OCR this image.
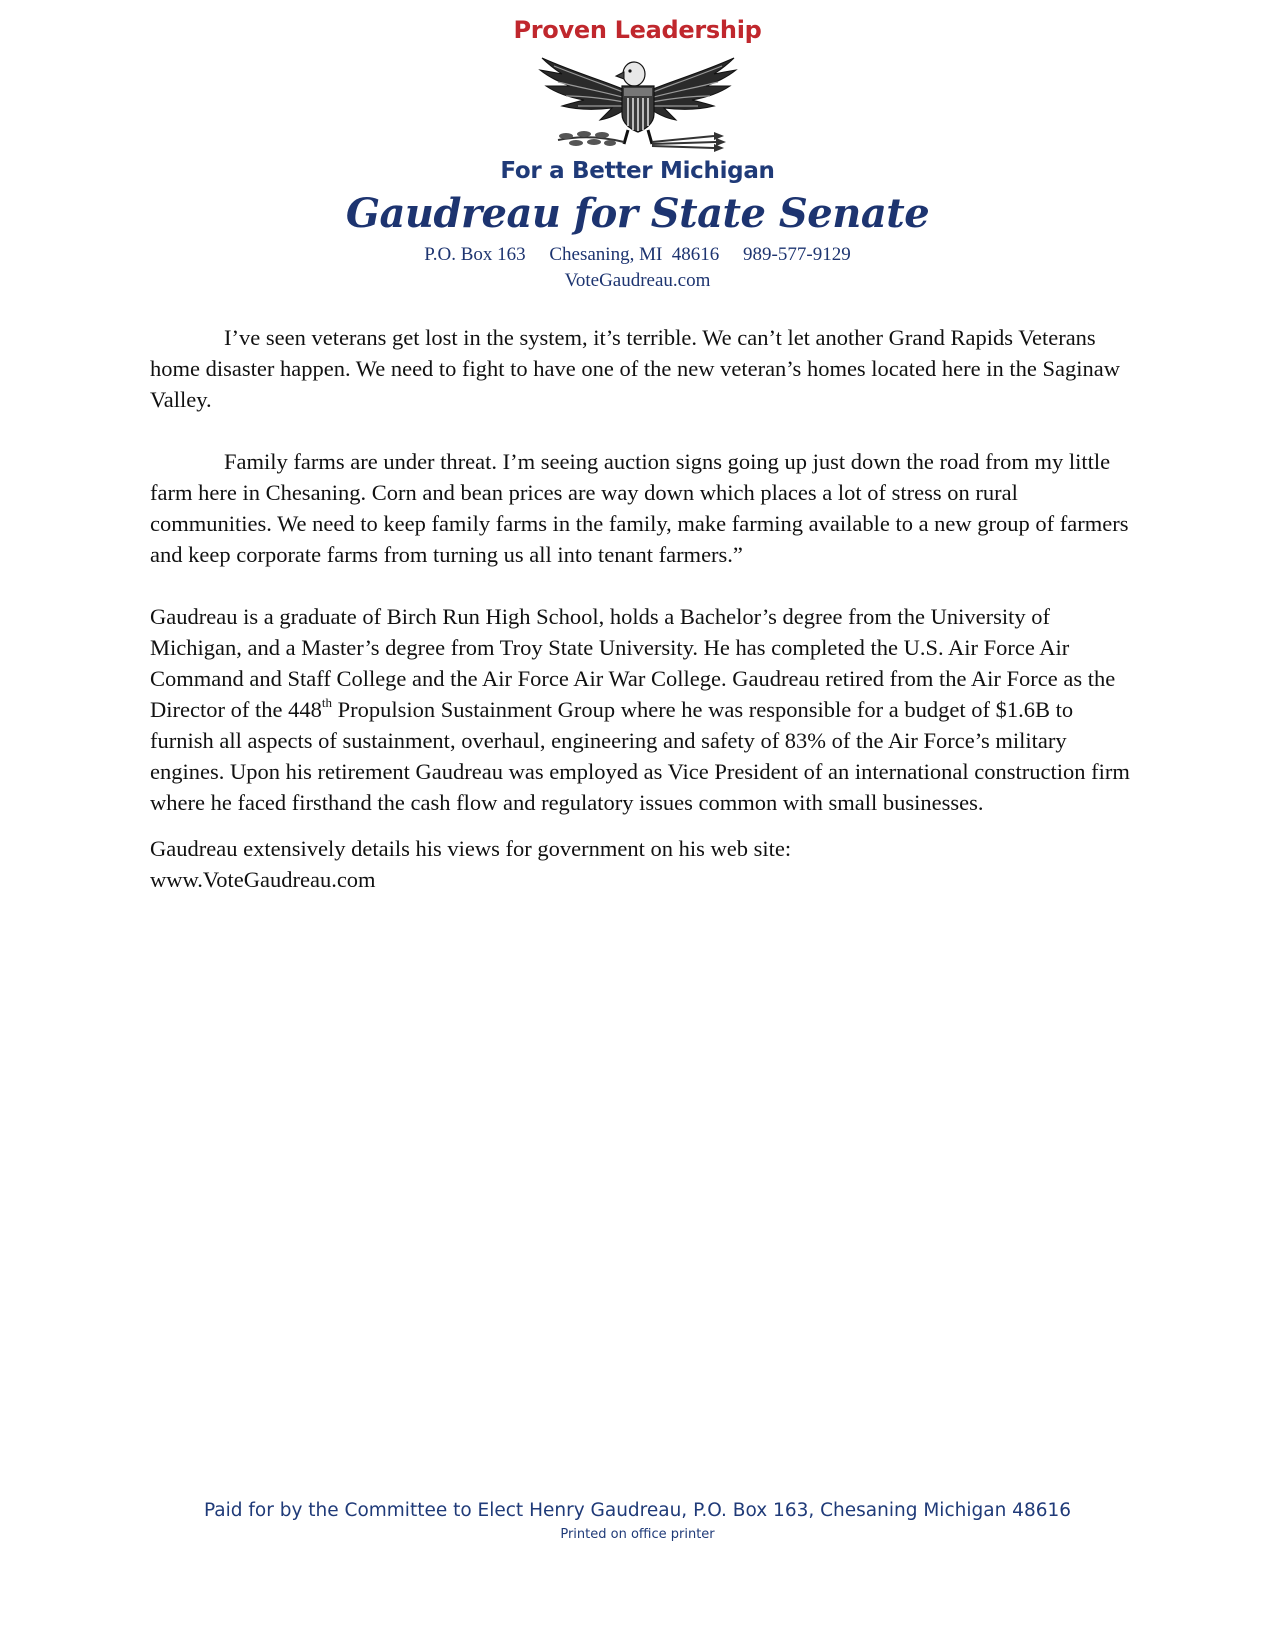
Proven Leadership
For a Better Michigan
Gaudreau for State Senate
P.O. Box 163     Chesaning, MI  48616     989-577-9129
VoteGaudreau.com

I’ve seen veterans get lost in the system, it’s terrible. We can’t let another Grand Rapids Veterans home disaster happen. We need to fight to have one of the new veteran’s homes located here in the Saginaw Valley.

Family farms are under threat. I’m seeing auction signs going up just down the road from my little farm here in Chesaning. Corn and bean prices are way down which places a lot of stress on rural communities. We need to keep family farms in the family, make farming available to a new group of farmers and keep corporate farms from turning us all into tenant farmers.”

Gaudreau is a graduate of Birch Run High School, holds a Bachelor’s degree from the University of Michigan, and a Master’s degree from Troy State University. He has completed the U.S. Air Force Air Command and Staff College and the Air Force Air War College. Gaudreau retired from the Air Force as the Director of the 448th Propulsion Sustainment Group where he was responsible for a budget of $1.6B to furnish all aspects of sustainment, overhaul, engineering and safety of 83% of the Air Force’s military engines. Upon his retirement Gaudreau was employed as Vice President of an international construction firm where he faced firsthand the cash flow and regulatory issues common with small businesses.

Gaudreau extensively details his views for government on his web site:

www.VoteGaudreau.com

Paid for by the Committee to Elect Henry Gaudreau, P.O. Box 163, Chesaning Michigan 48616
Printed on office printer
